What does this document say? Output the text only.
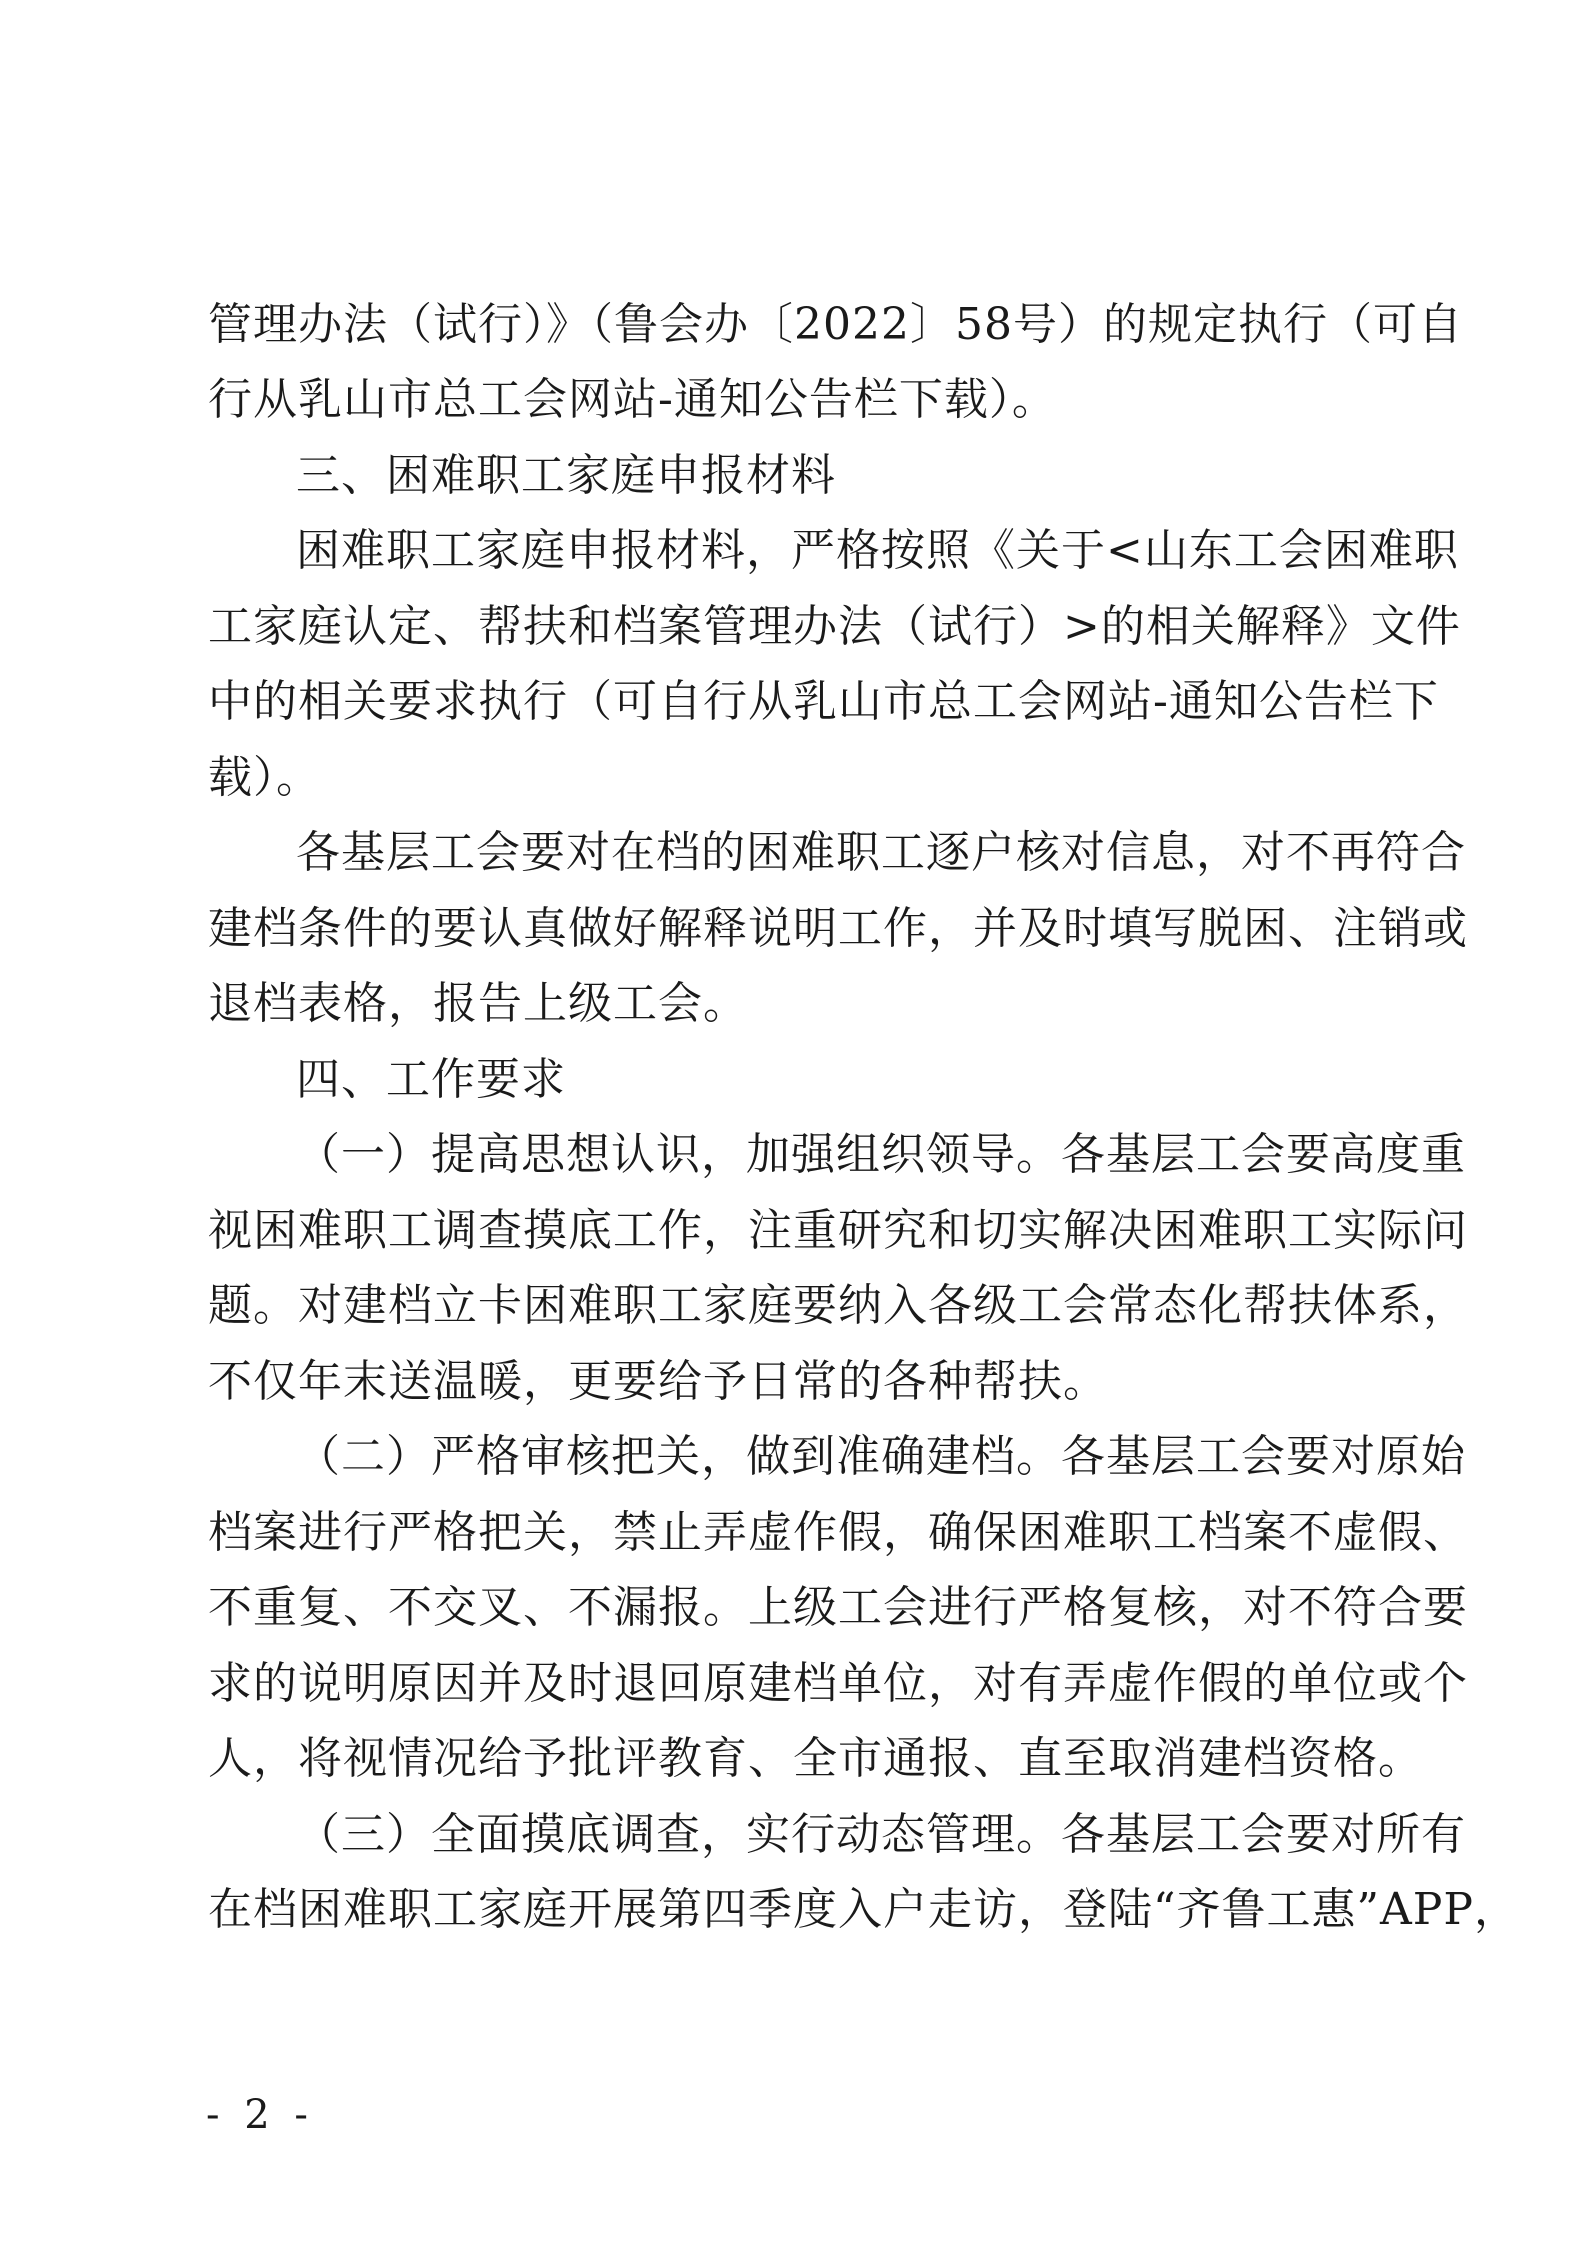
管理办法（试行）》（鲁会办〔2022〕58号）的规定执行（可自
行从乳山市总工会网站-通知公告栏下载）。
三、困难职工家庭申报材料
困难职工家庭申报材料，严格按照《关于<山东工会困难职
工家庭认定、帮扶和档案管理办法（试行）>的相关解释》文件
中的相关要求执行（可自行从乳山市总工会网站-通知公告栏下
载）。
各基层工会要对在档的困难职工逐户核对信息，对不再符合
建档条件的要认真做好解释说明工作，并及时填写脱困、注销或
退档表格，报告上级工会。
四、工作要求
（一）提高思想认识，加强组织领导。各基层工会要高度重
视困难职工调查摸底工作，注重研究和切实解决困难职工实际问
题。对建档立卡困难职工家庭要纳入各级工会常态化帮扶体系，
不仅年末送温暖，更要给予日常的各种帮扶。
（二）严格审核把关，做到准确建档。各基层工会要对原始
档案进行严格把关，禁止弄虚作假，确保困难职工档案不虚假、
不重复、不交叉、不漏报。上级工会进行严格复核，对不符合要
求的说明原因并及时退回原建档单位，对有弄虚作假的单位或个
人，将视情况给予批评教育、全市通报、直至取消建档资格。
（三）全面摸底调查，实行动态管理。各基层工会要对所有
在档困难职工家庭开展第四季度入户走访，登陆“齐鲁工惠”APP，
- 2 -
